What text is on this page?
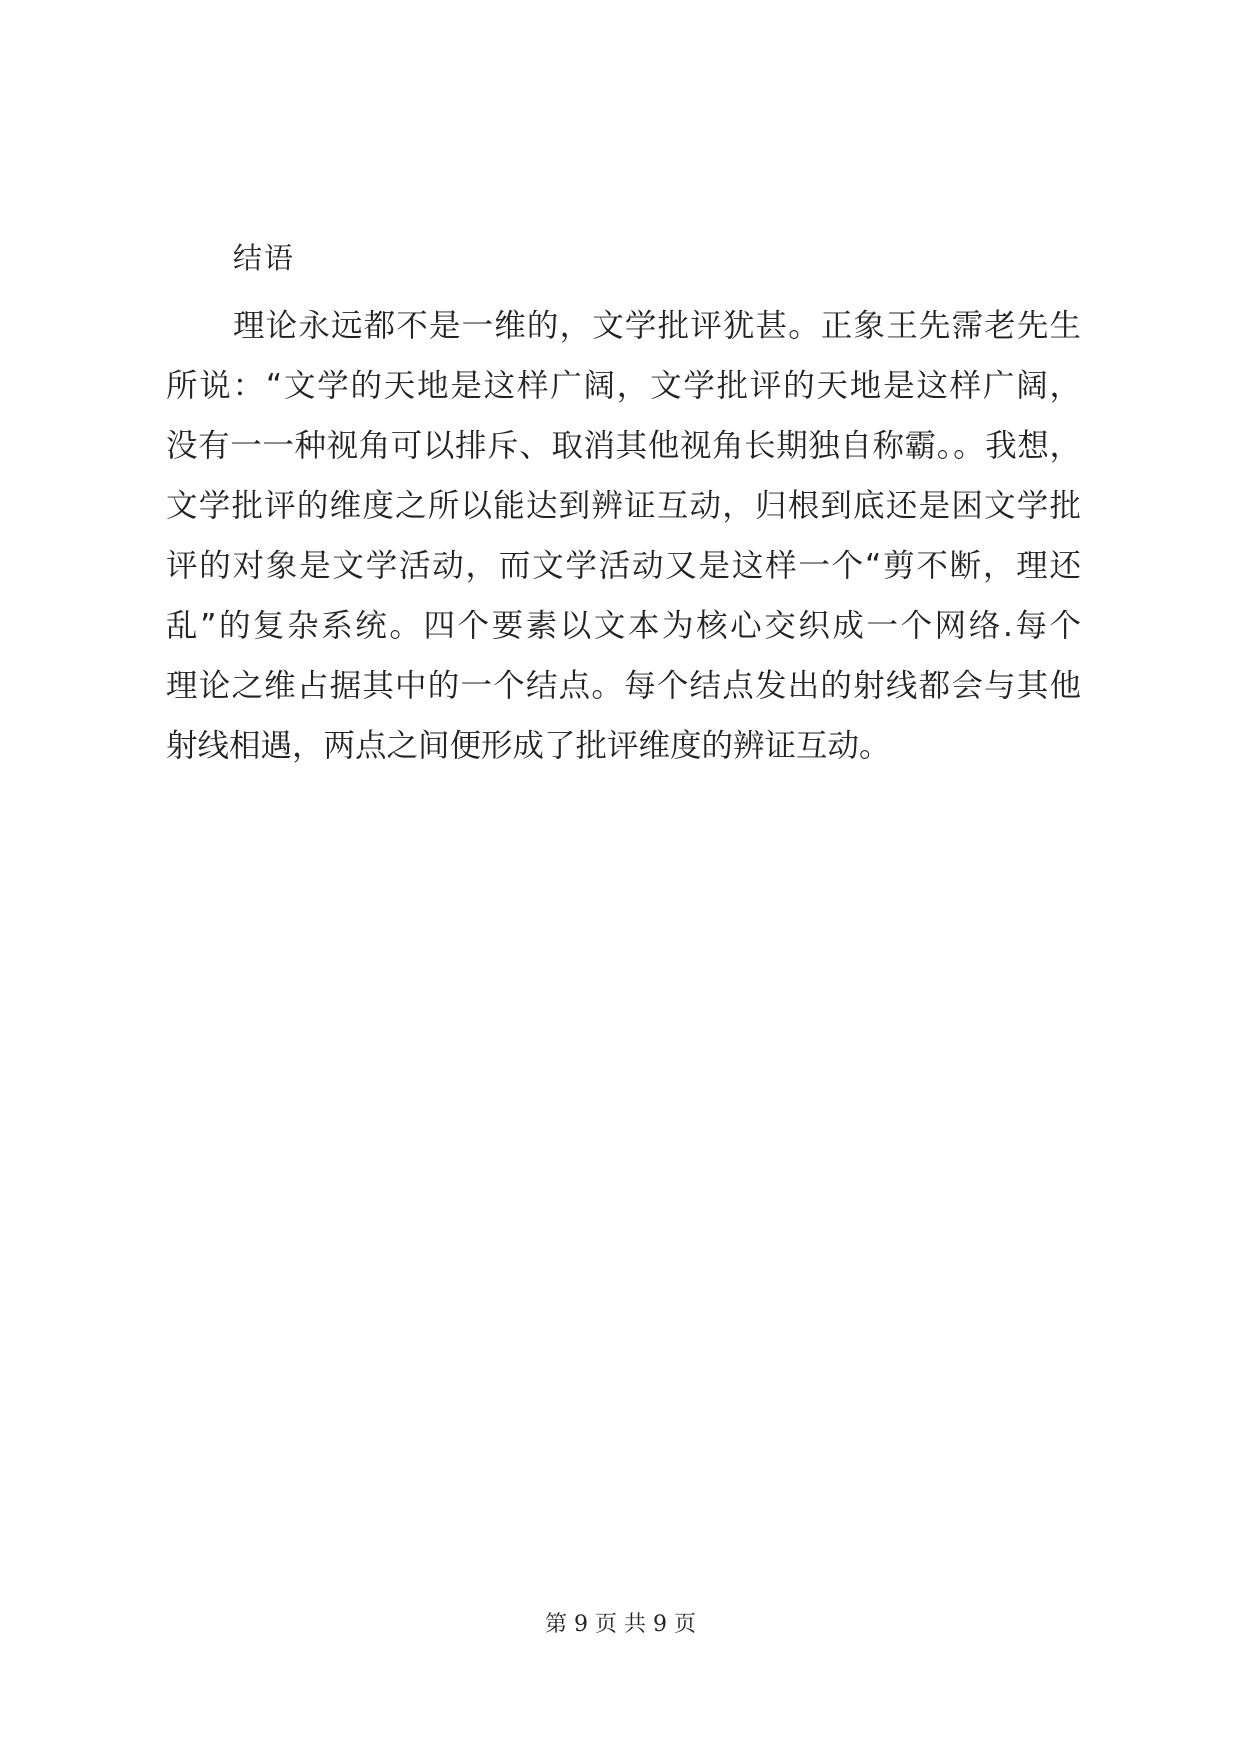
结语
理论永远都不是一维的，文学批评犹甚。正象王先霈老先生
所说：“文学的天地是这样广阔，文学批评的天地是这样广阔，
没有一一种视角可以排斥、取消其他视角长期独自称霸。。我想，
文学批评的维度之所以能达到辨证互动，归根到底还是困文学批
评的对象是文学活动，而文学活动又是这样一个“剪不断，理还
乱”的复杂系统。四个要素以文本为核心交织成一个网络.每个
理论之维占据其中的一个结点。每个结点发出的射线都会与其他
射线相遇，两点之间便形成了批评维度的辨证互动。
第 9 页 共 9 页
